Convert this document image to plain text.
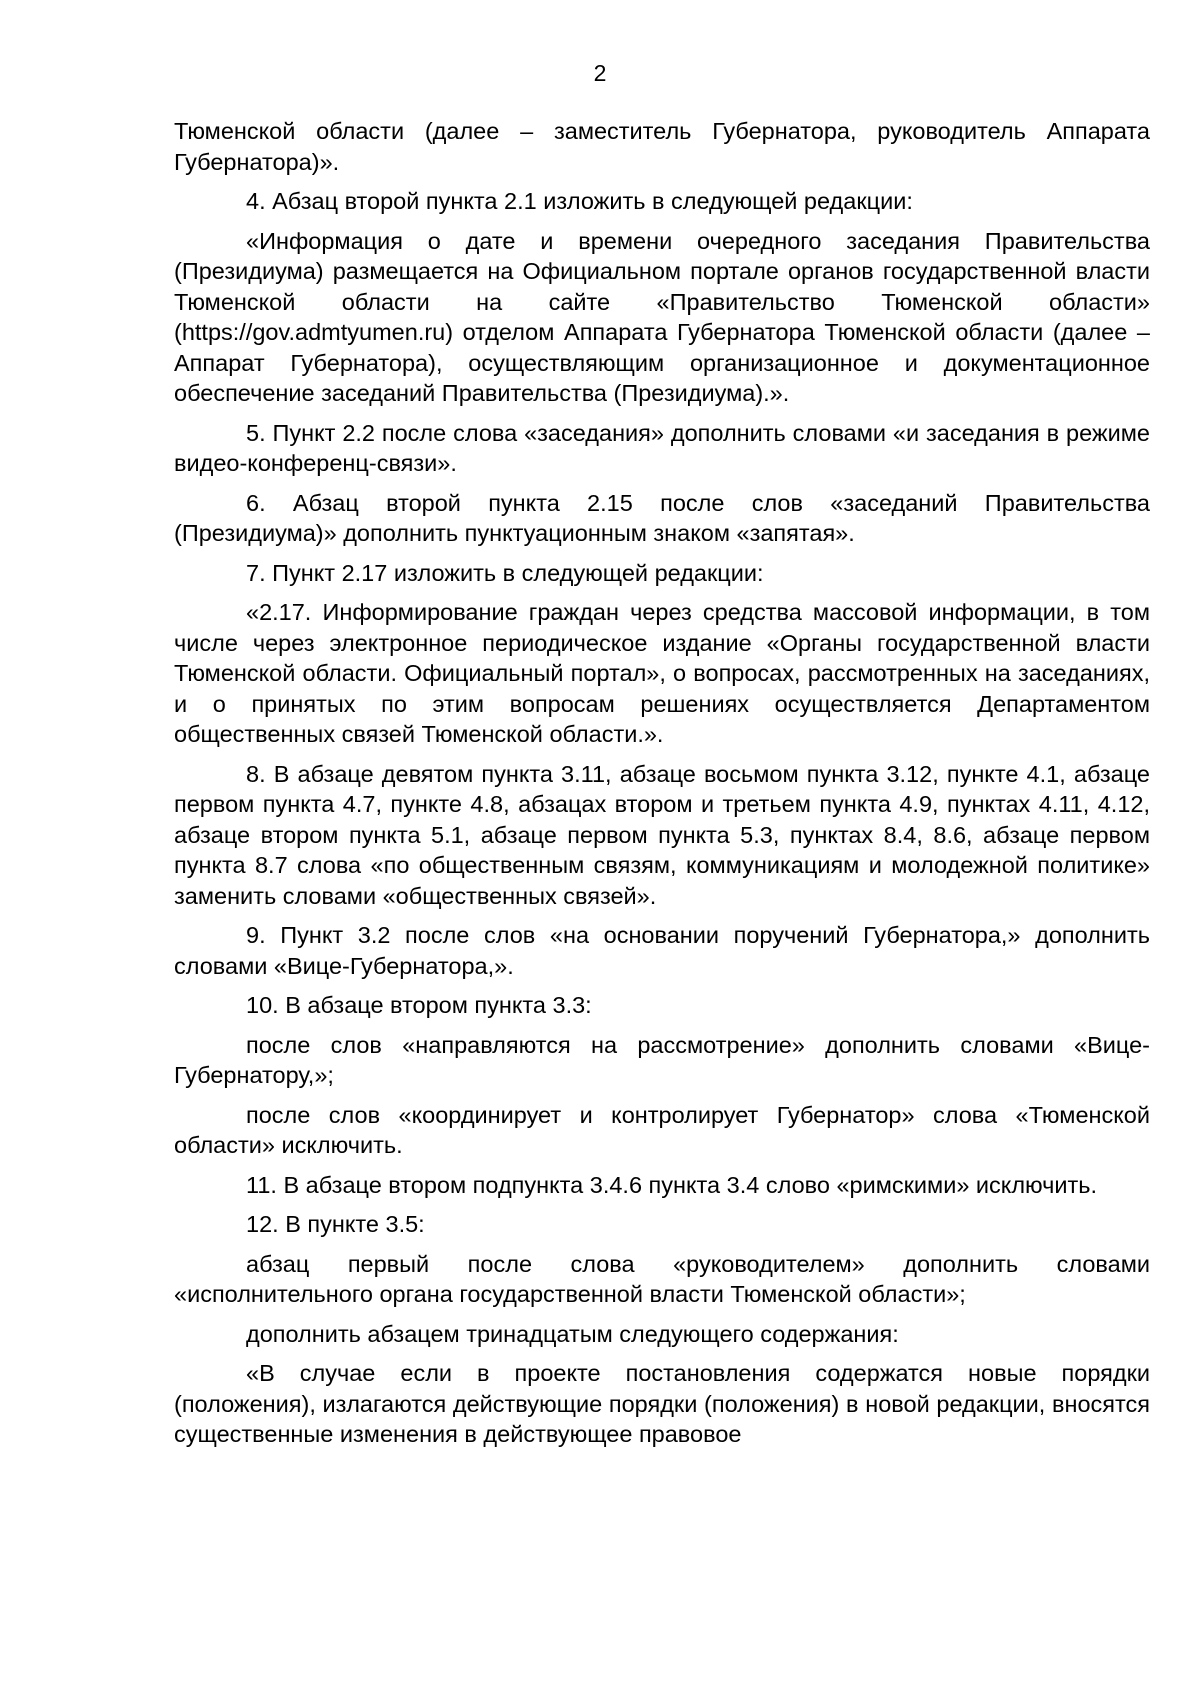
2

Тюменской области (далее – заместитель Губернатора, руководитель Аппарата Губернатора)».

4. Абзац второй пункта 2.1 изложить в следующей редакции:

«Информация о дате и времени очередного заседания Правительства (Президиума) размещается на Официальном портале органов государственной власти Тюменской области на сайте «Правительство Тюменской области» (https://gov.admtyumen.ru) отделом Аппарата Губернатора Тюменской области (далее – Аппарат Губернатора), осуществляющим организационное и документационное обеспечение заседаний Правительства (Президиума).».

5. Пункт 2.2 после слова «заседания» дополнить словами «и заседания в режиме видео-конференц-связи».

6. Абзац второй пункта 2.15 после слов «заседаний Правительства (Президиума)» дополнить пунктуационным знаком «запятая».

7. Пункт 2.17 изложить в следующей редакции:

«2.17. Информирование граждан через средства массовой информации, в том числе через электронное периодическое издание «Органы государственной власти Тюменской области. Официальный портал», о вопросах, рассмотренных на заседаниях, и о принятых по этим вопросам решениях осуществляется Департаментом общественных связей Тюменской области.».

8. В абзаце девятом пункта 3.11, абзаце восьмом пункта 3.12, пункте 4.1, абзаце первом пункта 4.7, пункте 4.8, абзацах втором и третьем пункта 4.9, пунктах 4.11, 4.12, абзаце втором пункта 5.1, абзаце первом пункта 5.3, пунктах 8.4, 8.6, абзаце первом пункта 8.7 слова «по общественным связям, коммуникациям и молодежной политике» заменить словами «общественных связей».

9. Пункт 3.2 после слов «на основании поручений Губернатора,» дополнить словами «Вице-Губернатора,».

10. В абзаце втором пункта 3.3:

после слов «направляются на рассмотрение» дополнить словами «Вице-Губернатору,»;

после слов «координирует и контролирует Губернатор» слова «Тюменской области» исключить.

11. В абзаце втором подпункта 3.4.6 пункта 3.4 слово «римскими» исключить.

12. В пункте 3.5:

абзац первый после слова «руководителем» дополнить словами «исполнительного органа государственной власти Тюменской области»;

дополнить абзацем тринадцатым следующего содержания:

«В случае если в проекте постановления содержатся новые порядки (положения), излагаются действующие порядки (положения) в новой редакции, вносятся существенные изменения в действующее правовое
